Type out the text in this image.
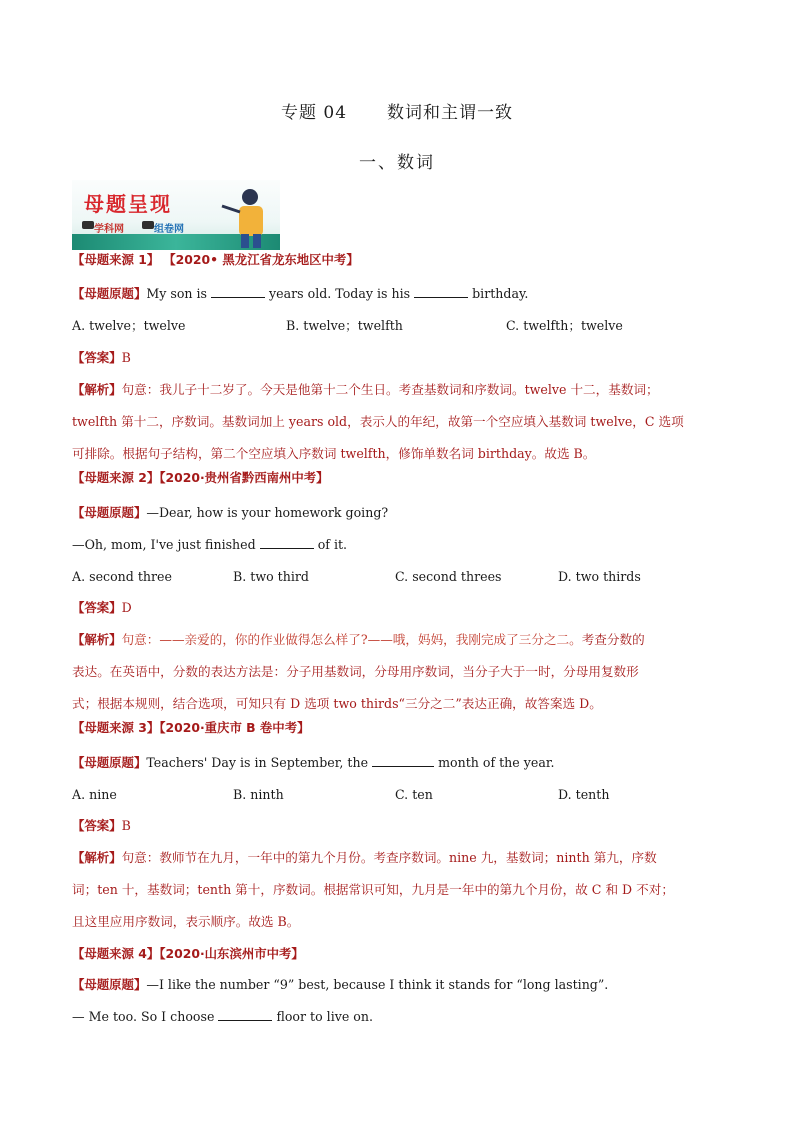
专题 04 数词和主谓一致
一、数词
母题呈现
学科网	组卷网
【母题来源 1】 【2020• 黑龙江省龙东地区中考】
【母题原题】My son is	years old. Today is his	birthday.
A. twelve；twelve	B. twelve；twelfth	C. twelfth；twelve
【答案】B
【解析】句意：我儿子十二岁了。今天是他第十二个生日。考查基数词和序数词。twelve 十二，基数词；
twelfth 第十二，序数词。基数词加上 years old，表示人的年纪，故第一个空应填入基数词 twelve，C 选项
可排除。根据句子结构，第二个空应填入序数词 twelfth，修饰单数名词 birthday。故选 B。
【母题来源 2】【2020·贵州省黔西南州中考】
【母题原题】—Dear, how is your homework going?
—Oh, mom, I've just finished	of it.
A. second three	B. two third	C. second threes	D. two thirds
【答案】D
【解析】句意：——亲爱的，你的作业做得怎么样了?——哦，妈妈，我刚完成了三分之二。考查分数的
表达。在英语中，分数的表达方法是：分子用基数词，分母用序数词，当分子大于一时，分母用复数形
式；根据本规则，结合选项，可知只有 D 选项 two thirds“三分之二”表达正确，故答案选 D。
【母题来源 3】【2020·重庆市 B 卷中考】
【母题原题】Teachers' Day is in September, the	month of the year.
A. nine	B. ninth	C. ten	D. tenth
【答案】B
【解析】句意：教师节在九月，一年中的第九个月份。考查序数词。nine 九，基数词；ninth 第九，序数
词；ten 十，基数词；tenth 第十，序数词。根据常识可知，九月是一年中的第九个月份，故 C 和 D 不对；
且这里应用序数词，表示顺序。故选 B。
【母题来源 4】【2020·山东滨州市中考】
【母题原题】—I like the number “9” best, because I think it stands for “long lasting”.
— Me too. So I choose	floor to live on.
